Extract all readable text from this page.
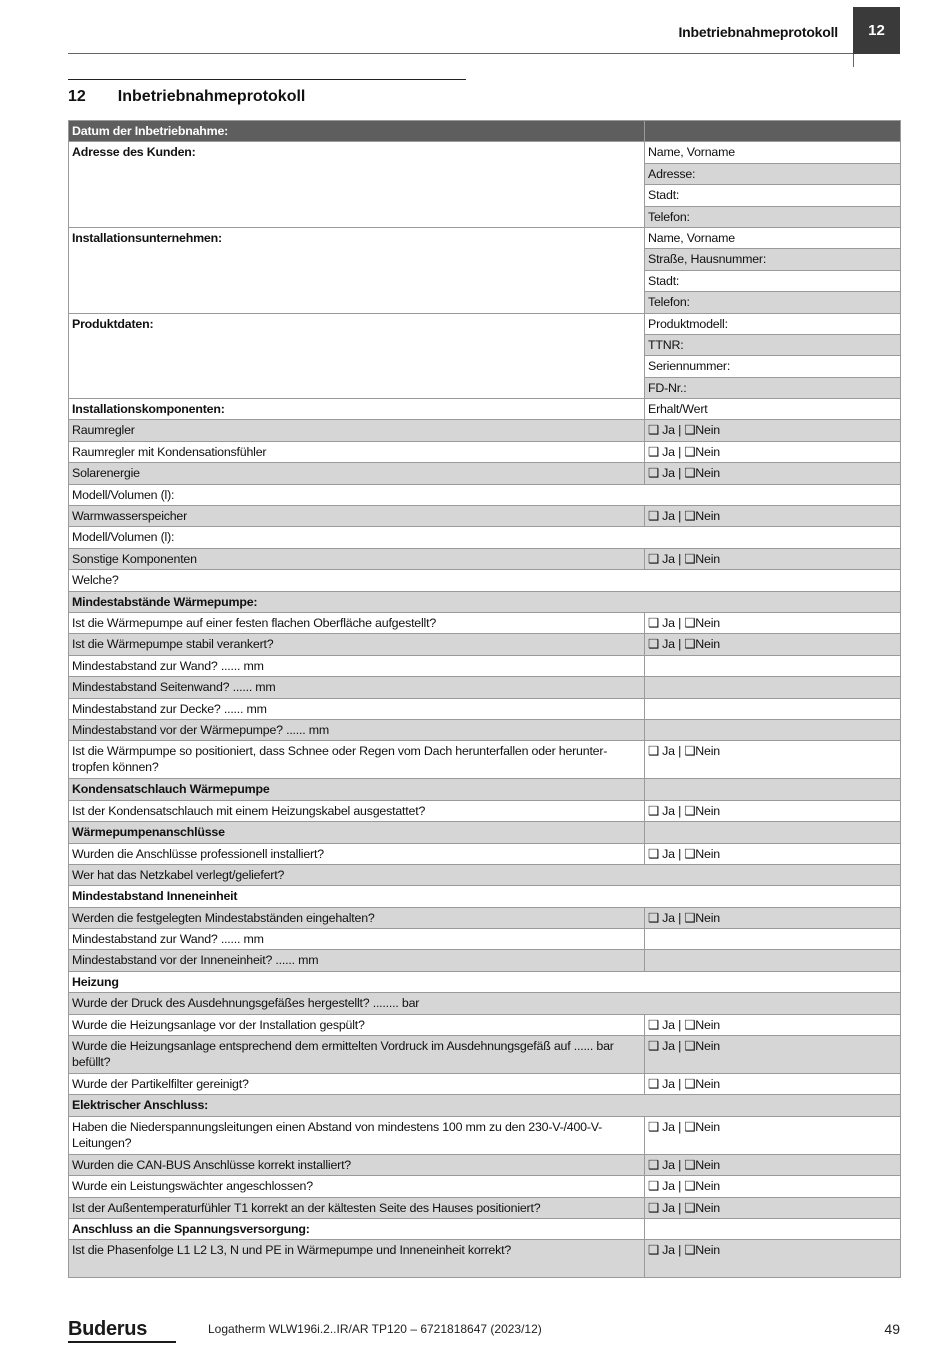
Inbetriebnahmeprotokoll	12
12 Inbetriebnahmeprotokoll
Datum der Inbetriebnahme:	
Adresse des Kunden:	Name, Vorname
	Adresse:
	Stadt:
	Telefon:
Installationsunternehmen:	Name, Vorname
	Straße, Hausnummer:
	Stadt:
	Telefon:
Produktdaten:	Produktmodell:
	TTNR:
	Seriennummer:
	FD-Nr.:
Installationskomponenten:	Erhalt/Wert
Raumregler	❑ Ja | ❑Nein
Raumregler mit Kondensationsfühler	❑ Ja | ❑Nein
Solarenergie	❑ Ja | ❑Nein
Modell/Volumen (l):	
Warmwasserspeicher	❑ Ja | ❑Nein
Modell/Volumen (l):	
Sonstige Komponenten	❑ Ja | ❑Nein
Welche?	
Mindestabstände Wärmepumpe:	
Ist die Wärmepumpe auf einer festen flachen Oberfläche aufgestellt?	❑ Ja | ❑Nein
Ist die Wärmepumpe stabil verankert?	❑ Ja | ❑Nein
Mindestabstand zur Wand? ...... mm	
Mindestabstand Seitenwand? ...... mm	
Mindestabstand zur Decke? ...... mm	
Mindestabstand vor der Wärmepumpe? ...... mm	
Ist die Wärmpumpe so positioniert, dass Schnee oder Regen vom Dach herunterfallen oder herunter- tropfen können?	❑ Ja | ❑Nein
Kondensatschlauch Wärmepumpe	
Ist der Kondensatschlauch mit einem Heizungskabel ausgestattet?	❑ Ja | ❑Nein
Wärmepumpenanschlüsse	
Wurden die Anschlüsse professionell installiert?	❑ Ja | ❑Nein
Wer hat das Netzkabel verlegt/geliefert?	
Mindestabstand Inneneinheit	
Werden die festgelegten Mindestabständen eingehalten?	❑ Ja | ❑Nein
Mindestabstand zur Wand? ...... mm	
Mindestabstand vor der Inneneinheit? ...... mm	
Heizung	
Wurde der Druck des Ausdehnungsgefäßes hergestellt? ........ bar	
Wurde die Heizungsanlage vor der Installation gespült?	❑ Ja | ❑Nein
Wurde die Heizungsanlage entsprechend dem ermittelten Vordruck im Ausdehnungsgefäß auf ...... bar befüllt?	❑ Ja | ❑Nein
Wurde der Partikelfilter gereinigt?	❑ Ja | ❑Nein
Elektrischer Anschluss:	
Haben die Niederspannungsleitungen einen Abstand von mindestens 100 mm zu den 230-V-/400-V- Leitungen?	❑ Ja | ❑Nein
Wurden die CAN-BUS Anschlüsse korrekt installiert?	❑ Ja | ❑Nein
Wurde ein Leistungswächter angeschlossen?	❑ Ja | ❑Nein
Ist der Außentemperaturfühler T1 korrekt an der kältesten Seite des Hauses positioniert?	❑ Ja | ❑Nein
Anschluss an die Spannungsversorgung:	
Ist die Phasenfolge L1 L2 L3, N und PE in Wärmepumpe und Inneneinheit korrekt?	❑ Ja | ❑Nein
Buderus	Logatherm WLW196i.2..IR/AR TP120 – 6721818647 (2023/12)	49
